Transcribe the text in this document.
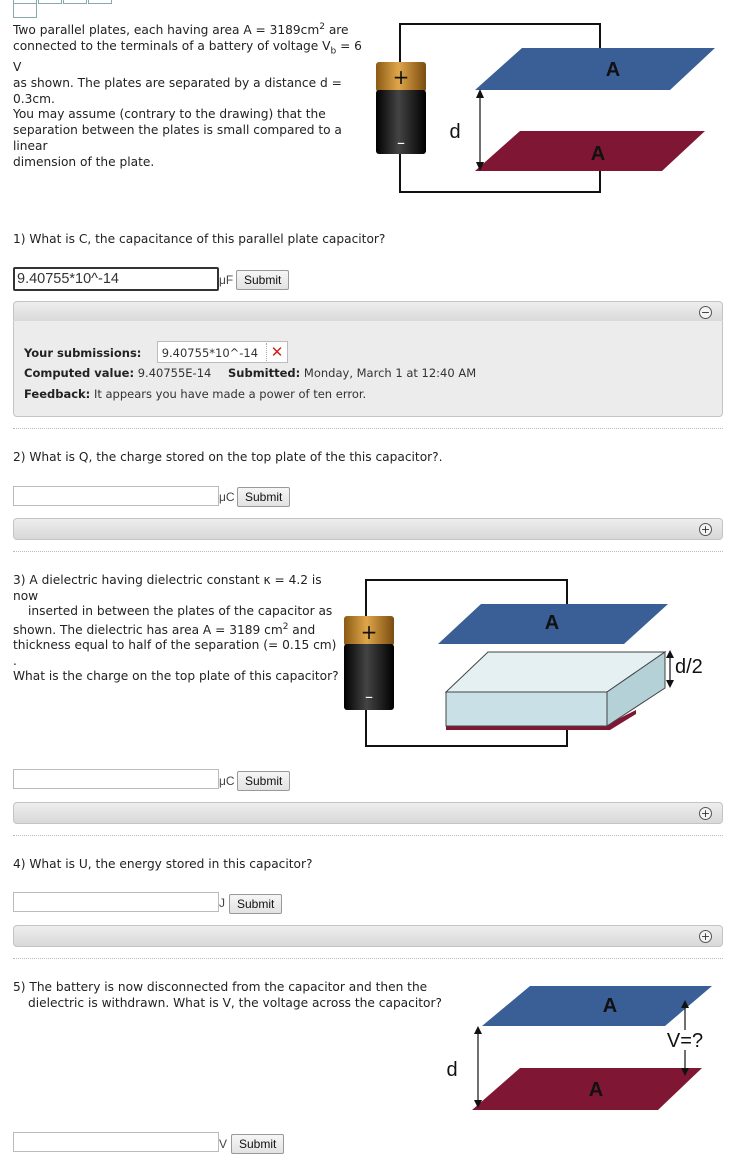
Two parallel plates, each having area $A = 3189cm^2$ are
connected to the terminals of a battery of voltage $V_b = 6$ V
as shown. The plates are separated by a distance d = 0.3cm.
You may assume (contrary to the drawing) that the
separation between the plates is small compared to a linear
dimension of the plate.
+
–
A
A
d
1) What is C, the capacitance of this parallel plate capacitor?
9.40755*10^-14	μF Submit
−
Your submissions: 9.40755*10^-14 ✕
Computed value: 9.40755E-14 Submitted: Monday, March 1 at 12:40 AM
Feedback: It appears you have made a power of ten error.
2) What is Q, the charge stored on the top plate of the this capacitor?.
μC Submit
+
3) A dielectric having dielectric constant κ = 4.2 is now
inserted in between the plates of the capacitor as
shown. The dielectric has area A = 3189 $cm^2$ and
thickness equal to half of the separation (= 0.15 cm) .
What is the charge on the top plate of this capacitor?
+
–
A
d/2
μC Submit
+
4) What is U, the energy stored in this capacitor?
J	Submit
+
5) The battery is now disconnected from the capacitor and then the
dielectric is withdrawn. What is V, the voltage across the capacitor?	A
A
d
V=?
V Submit
